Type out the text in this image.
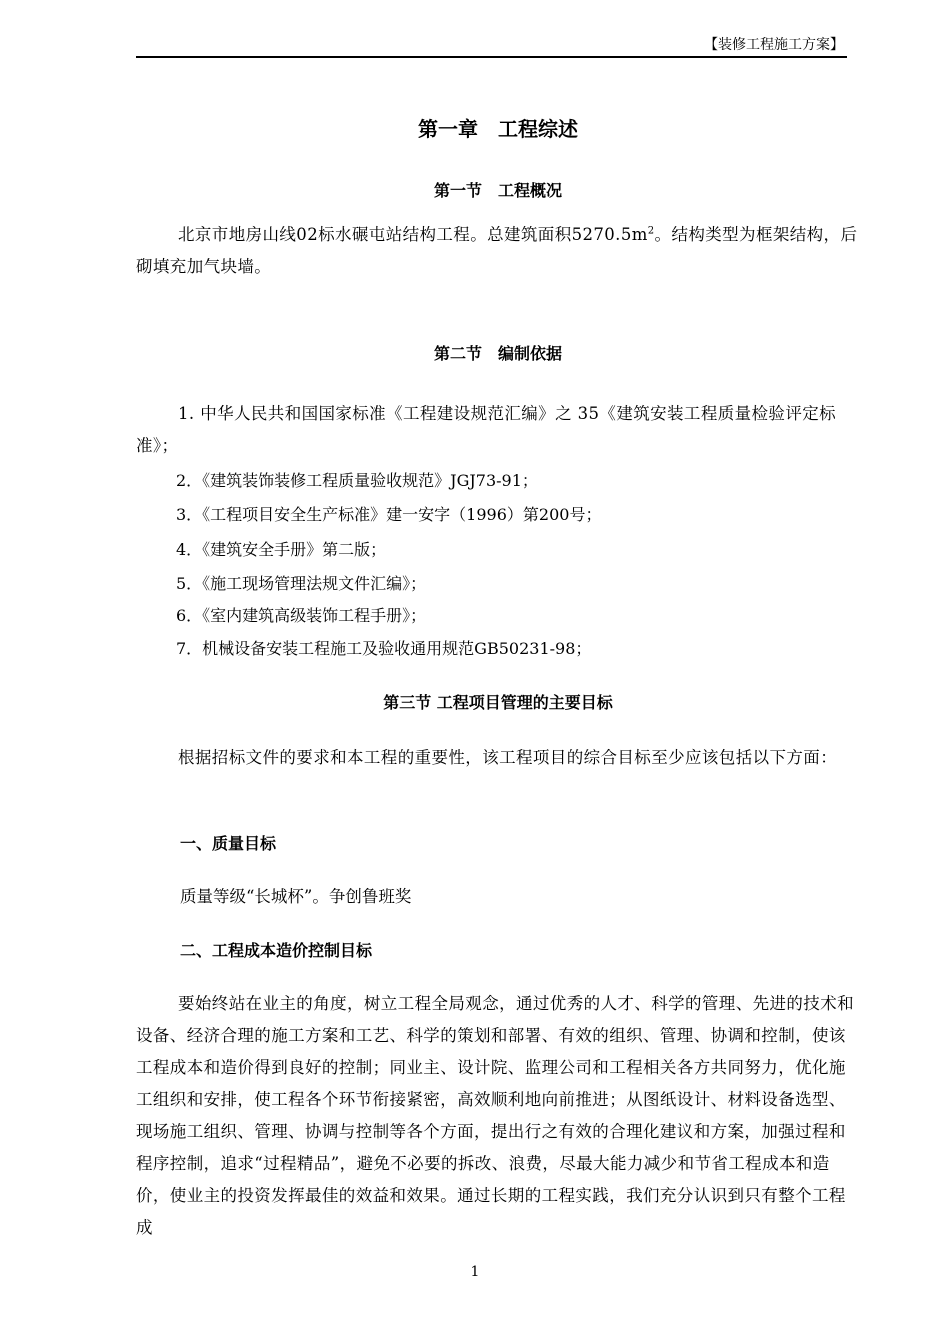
【装修工程施工方案】
第一章　工程综述
第一节　工程概况
北京市地房山线02标水碾屯站结构工程。总建筑面积$5270.5m^2$。结构类型为框架结构，后砌填充加气块墙。
第二节　编制依据
1. 中华人民共和国国家标准《工程建设规范汇编》之 35《建筑安装工程质量检验评定标准》；
2．《建筑装饰装修工程质量验收规范》JGJ73-91；
3．《工程项目安全生产标准》建一安字（1996）第200号；
4．《建筑安全手册》第二版；
5．《施工现场管理法规文件汇编》；
6．《室内建筑高级装饰工程手册》；
7．机械设备安装工程施工及验收通用规范GB50231-98；
第三节 工程项目管理的主要目标
根据招标文件的要求和本工程的重要性，该工程项目的综合目标至少应该包括以下方面：
一、质量目标
质量等级“长城杯”。争创鲁班奖
二、工程成本造价控制目标
要始终站在业主的角度，树立工程全局观念，通过优秀的人才、科学的管理、先进的技术和设备、经济合理的施工方案和工艺、科学的策划和部署、有效的组织、管理、协调和控制，使该工程成本和造价得到良好的控制；同业主、设计院、监理公司和工程相关各方共同努力，优化施工组织和安排，使工程各个环节衔接紧密，高效顺利地向前推进；从图纸设计、材料设备选型、现场施工组织、管理、协调与控制等各个方面，提出行之有效的合理化建议和方案，加强过程和程序控制，追求“过程精品”，避免不必要的拆改、浪费，尽最大能力减少和节省工程成本和造价，使业主的投资发挥最佳的效益和效果。通过长期的工程实践，我们充分认识到只有整个工程成
1
